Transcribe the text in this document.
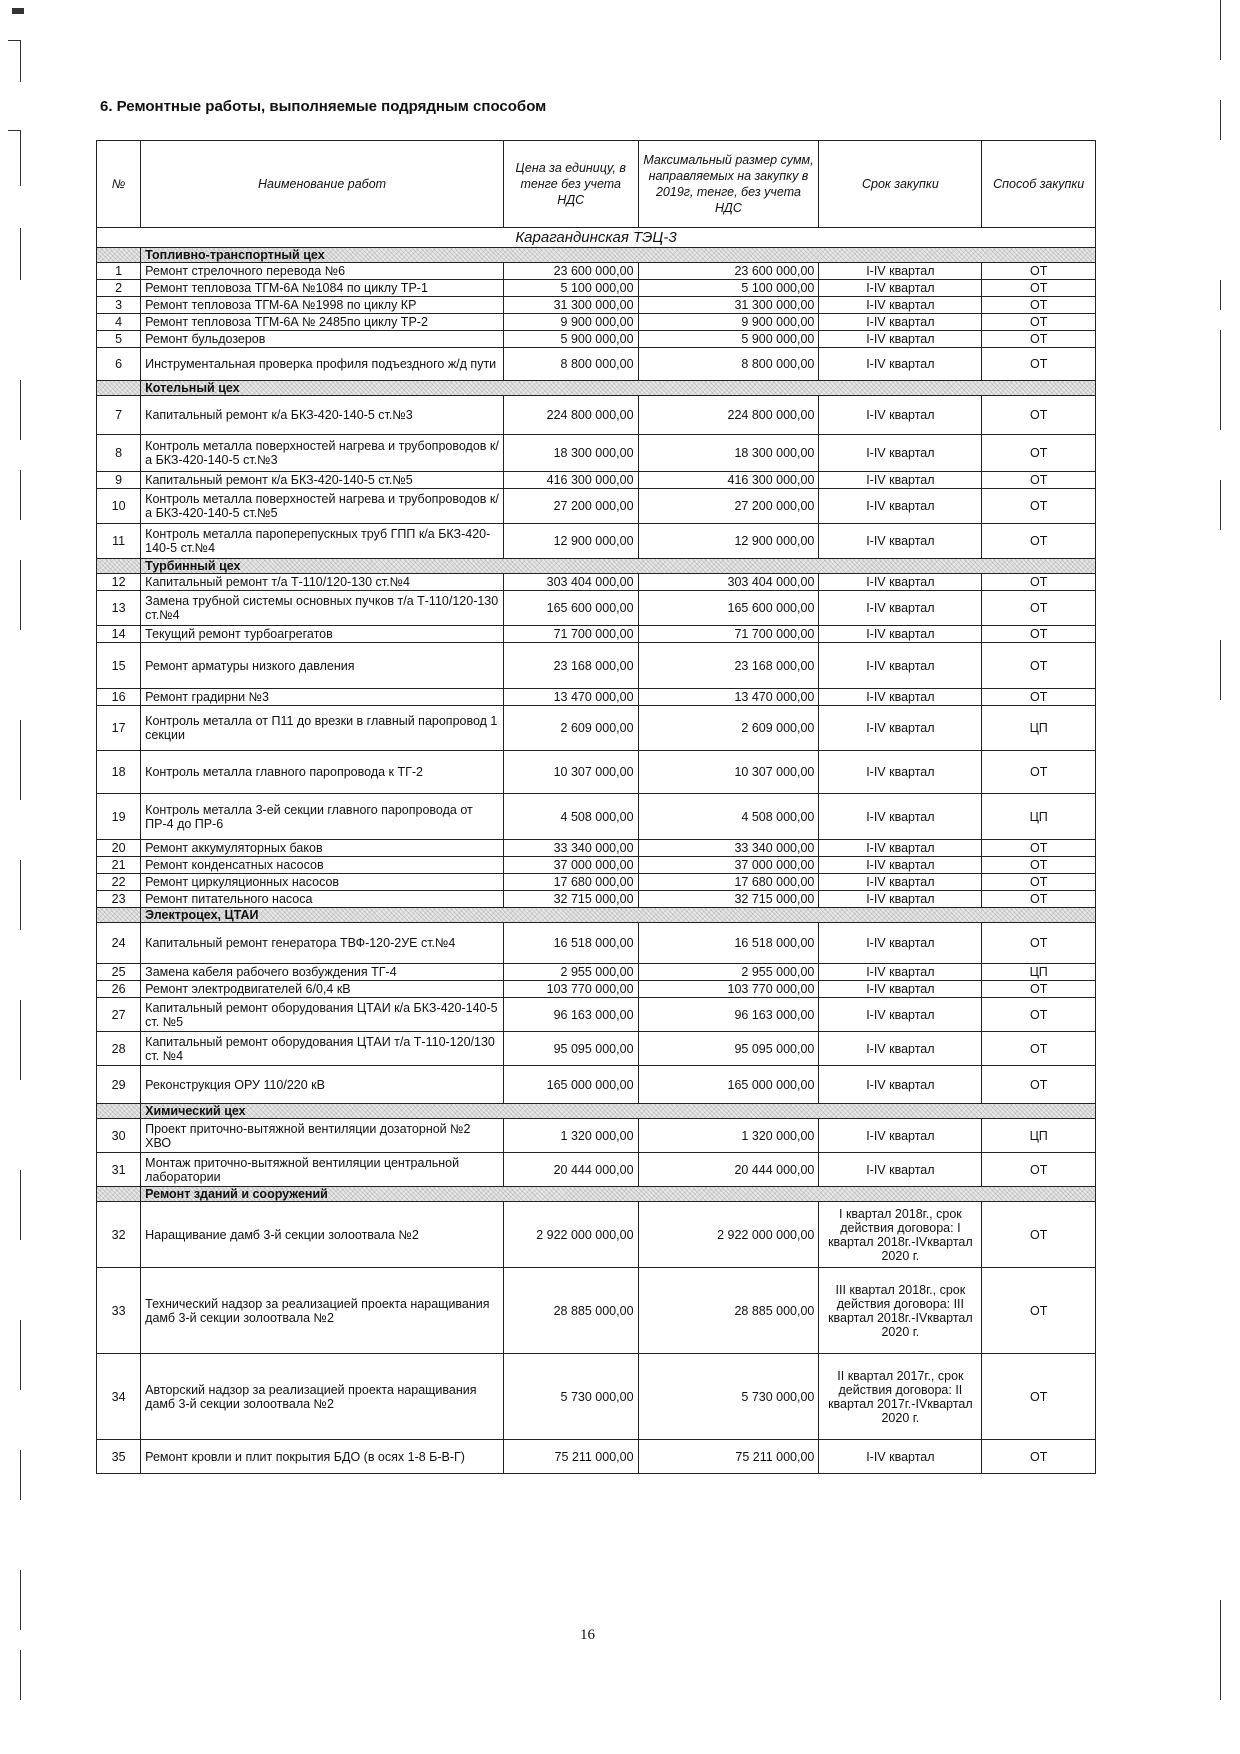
6. Ремонтные работы, выполняемые подрядным способом
№	Наименование работ	Цена за единицу, в тенге без учета НДС	Максимальный размер сумм, направляемых на закупку в 2019г, тенге, без учета НДС	Срок закупки	Способ закупки
Карагандинская ТЭЦ-3					
	Топливно-транспортный цех				
1	Ремонт стрелочного перевода №6	23 600 000,00	23 600 000,00	I-IV квартал	ОТ
2	Ремонт тепловоза ТГМ-6А №1084 по циклу ТР-1	5 100 000,00	5 100 000,00	I-IV квартал	ОТ
3	Ремонт тепловоза ТГМ-6А №1998 по циклу КР	31 300 000,00	31 300 000,00	I-IV квартал	ОТ
4	Ремонт тепловоза ТГМ-6А № 2485по циклу ТР-2	9 900 000,00	9 900 000,00	I-IV квартал	ОТ
5	Ремонт бульдозеров	5 900 000,00	5 900 000,00	I-IV квартал	ОТ
6	Инструментальная проверка профиля подъездного ж/д пути	8 800 000,00	8 800 000,00	I-IV квартал	ОТ
	Котельный цех				
7	Капитальный ремонт к/а БКЗ-420-140-5 ст.№3	224 800 000,00	224 800 000,00	I-IV квартал	ОТ
8	Контроль металла поверхностей нагрева и трубопроводов к/а БКЗ-420-140-5 ст.№3	18 300 000,00	18 300 000,00	I-IV квартал	ОТ
9	Капитальный ремонт к/а БКЗ-420-140-5 ст.№5	416 300 000,00	416 300 000,00	I-IV квартал	ОТ
10	Контроль металла поверхностей нагрева и трубопроводов к/а БКЗ-420-140-5 ст.№5	27 200 000,00	27 200 000,00	I-IV квартал	ОТ
11	Контроль металла пароперепускных труб ГПП к/а БКЗ-420-140-5 ст.№4	12 900 000,00	12 900 000,00	I-IV квартал	ОТ
	Турбинный цех				
12	Капитальный ремонт т/а Т-110/120-130 ст.№4	303 404 000,00	303 404 000,00	I-IV квартал	ОТ
13	Замена трубной системы основных пучков т/а Т-110/120-130 ст.№4	165 600 000,00	165 600 000,00	I-IV квартал	ОТ
14	Текущий ремонт турбоагрегатов	71 700 000,00	71 700 000,00	I-IV квартал	ОТ
15	Ремонт арматуры низкого давления	23 168 000,00	23 168 000,00	I-IV квартал	ОТ
16	Ремонт градирни №3	13 470 000,00	13 470 000,00	I-IV квартал	ОТ
17	Контроль металла от П11 до врезки в главный паропровод 1 секции	2 609 000,00	2 609 000,00	I-IV квартал	ЦП
18	Контроль металла главного паропровода к ТГ-2	10 307 000,00	10 307 000,00	I-IV квартал	ОТ
19	Контроль металла 3-ей секции главного паропровода от ПР-4 до ПР-6	4 508 000,00	4 508 000,00	I-IV квартал	ЦП
20	Ремонт аккумуляторных баков	33 340 000,00	33 340 000,00	I-IV квартал	ОТ
21	Ремонт конденсатных насосов	37 000 000,00	37 000 000,00	I-IV квартал	ОТ
22	Ремонт циркуляционных насосов	17 680 000,00	17 680 000,00	I-IV квартал	ОТ
23	Ремонт питательного насоса	32 715 000,00	32 715 000,00	I-IV квартал	ОТ
	Электроцех, ЦТАИ				
24	Капитальный ремонт генератора ТВФ-120-2УЕ ст.№4	16 518 000,00	16 518 000,00	I-IV квартал	ОТ
25	Замена кабеля рабочего возбуждения ТГ-4	2 955 000,00	2 955 000,00	I-IV квартал	ЦП
26	Ремонт электродвигателей 6/0,4 кВ	103 770 000,00	103 770 000,00	I-IV квартал	ОТ
27	Капитальный ремонт оборудования ЦТАИ к/а БКЗ-420-140-5 ст. №5	96 163 000,00	96 163 000,00	I-IV квартал	ОТ
28	Капитальный ремонт оборудования ЦТАИ т/а Т-110-120/130 ст. №4	95 095 000,00	95 095 000,00	I-IV квартал	ОТ
29	Реконструкция ОРУ 110/220 кВ	165 000 000,00	165 000 000,00	I-IV квартал	ОТ
	Химический цех				
30	Проект приточно-вытяжной вентиляции дозаторной №2 ХВО	1 320 000,00	1 320 000,00	I-IV квартал	ЦП
31	Монтаж приточно-вытяжной вентиляции центральной лаборатории	20 444 000,00	20 444 000,00	I-IV квартал	ОТ
	Ремонт зданий и сооружений				
32	Наращивание дамб 3-й секции золоотвала №2	2 922 000 000,00	2 922 000 000,00	I квартал 2018г., срок действия договора: I квартал 2018г.-IVквартал 2020 г.	ОТ
33	Технический надзор за реализацией проекта наращивания дамб 3-й секции золоотвала №2	28 885 000,00	28 885 000,00	III квартал 2018г., срок действия договора: III квартал 2018г.-IVквартал 2020 г.	ОТ
34	Авторский надзор за реализацией проекта наращивания дамб 3-й секции золоотвала №2	5 730 000,00	5 730 000,00	II квартал 2017г., срок действия договора: II квартал 2017г.-IVквартал 2020 г.	ОТ
35	Ремонт кровли и плит покрытия БДО (в осях 1-8 Б-В-Г)	75 211 000,00	75 211 000,00	I-IV квартал	ОТ
16
